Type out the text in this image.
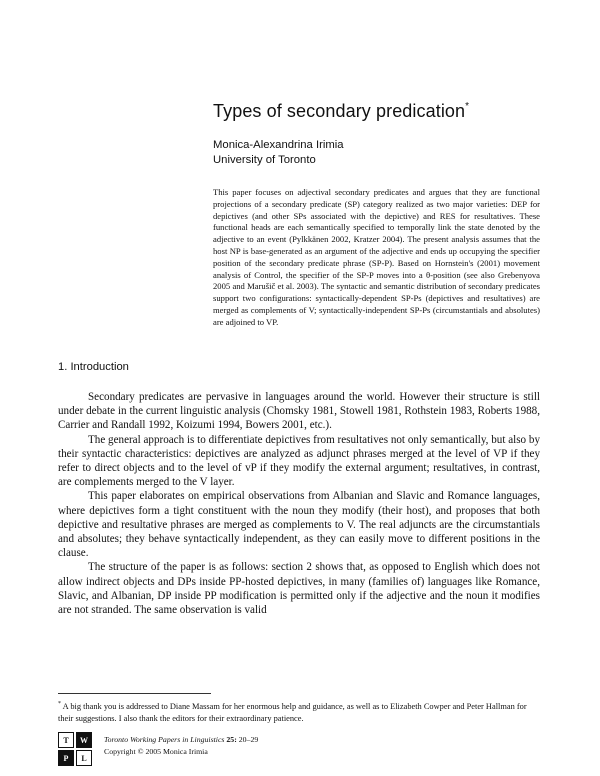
Types of secondary predication*
Monica-Alexandrina Irimia
University of Toronto

This paper focuses on adjectival secondary predicates and argues that they are functional projections of a secondary predicate (SP) category realized as two major varieties: DEP for depictives (and other SPs associated with the depictive) and RES for resultatives. These functional heads are each semantically specified to temporally link the state denoted by the adjective to an event (Pylkkänen 2002, Kratzer 2004). The present analysis assumes that the host NP is base-generated as an argument of the adjective and ends up occupying the specifier position of the secondary predicate phrase (SP-P). Based on Hornstein's (2001) movement analysis of Control, the specifier of the SP-P moves into a θ-position (see also Grebenyova 2005 and Marušič et al. 2003). The syntactic and semantic distribution of secondary predicates support two configurations: syntactically-dependent SP-Ps (depictives and resultatives) are merged as complements of V; syntactically-independent SP-Ps (circumstantials and absolutes) are adjoined to VP.

1. Introduction

Secondary predicates are pervasive in languages around the world. However their structure is still under debate in the current linguistic analysis (Chomsky 1981, Stowell 1981, Rothstein 1983, Roberts 1988, Carrier and Randall 1992, Koizumi 1994, Bowers 2001, etc.).

The general approach is to differentiate depictives from resultatives not only semantically, but also by their syntactic characteristics: depictives are analyzed as adjunct phrases merged at the level of VP if they refer to direct objects and to the level of vP if they modify the external argument; resultatives, in contrast, are complements merged to the V layer.

This paper elaborates on empirical observations from Albanian and Slavic and Romance languages, where depictives form a tight constituent with the noun they modify (their host), and proposes that both depictive and resultative phrases are merged as complements to V. The real adjuncts are the circumstantials and absolutes; they behave syntactically independent, as they can easily move to different positions in the clause.

The structure of the paper is as follows: section 2 shows that, as opposed to English which does not allow indirect objects and DPs inside PP-hosted depictives, in many (families of) languages like Romance, Slavic, and Albanian, DP inside PP modification is permitted only if the adjective and the noun it modifies are not stranded. The same observation is valid

* A big thank you is addressed to Diane Massam for her enormous help and guidance, as well as to Elizabeth Cowper and Peter Hallman for their suggestions. I also thank the editors for their extraordinary patience.

T	W
P	L
Toronto Working Papers in Linguistics 25: 20–29
Copyright © 2005 Monica Irimia
